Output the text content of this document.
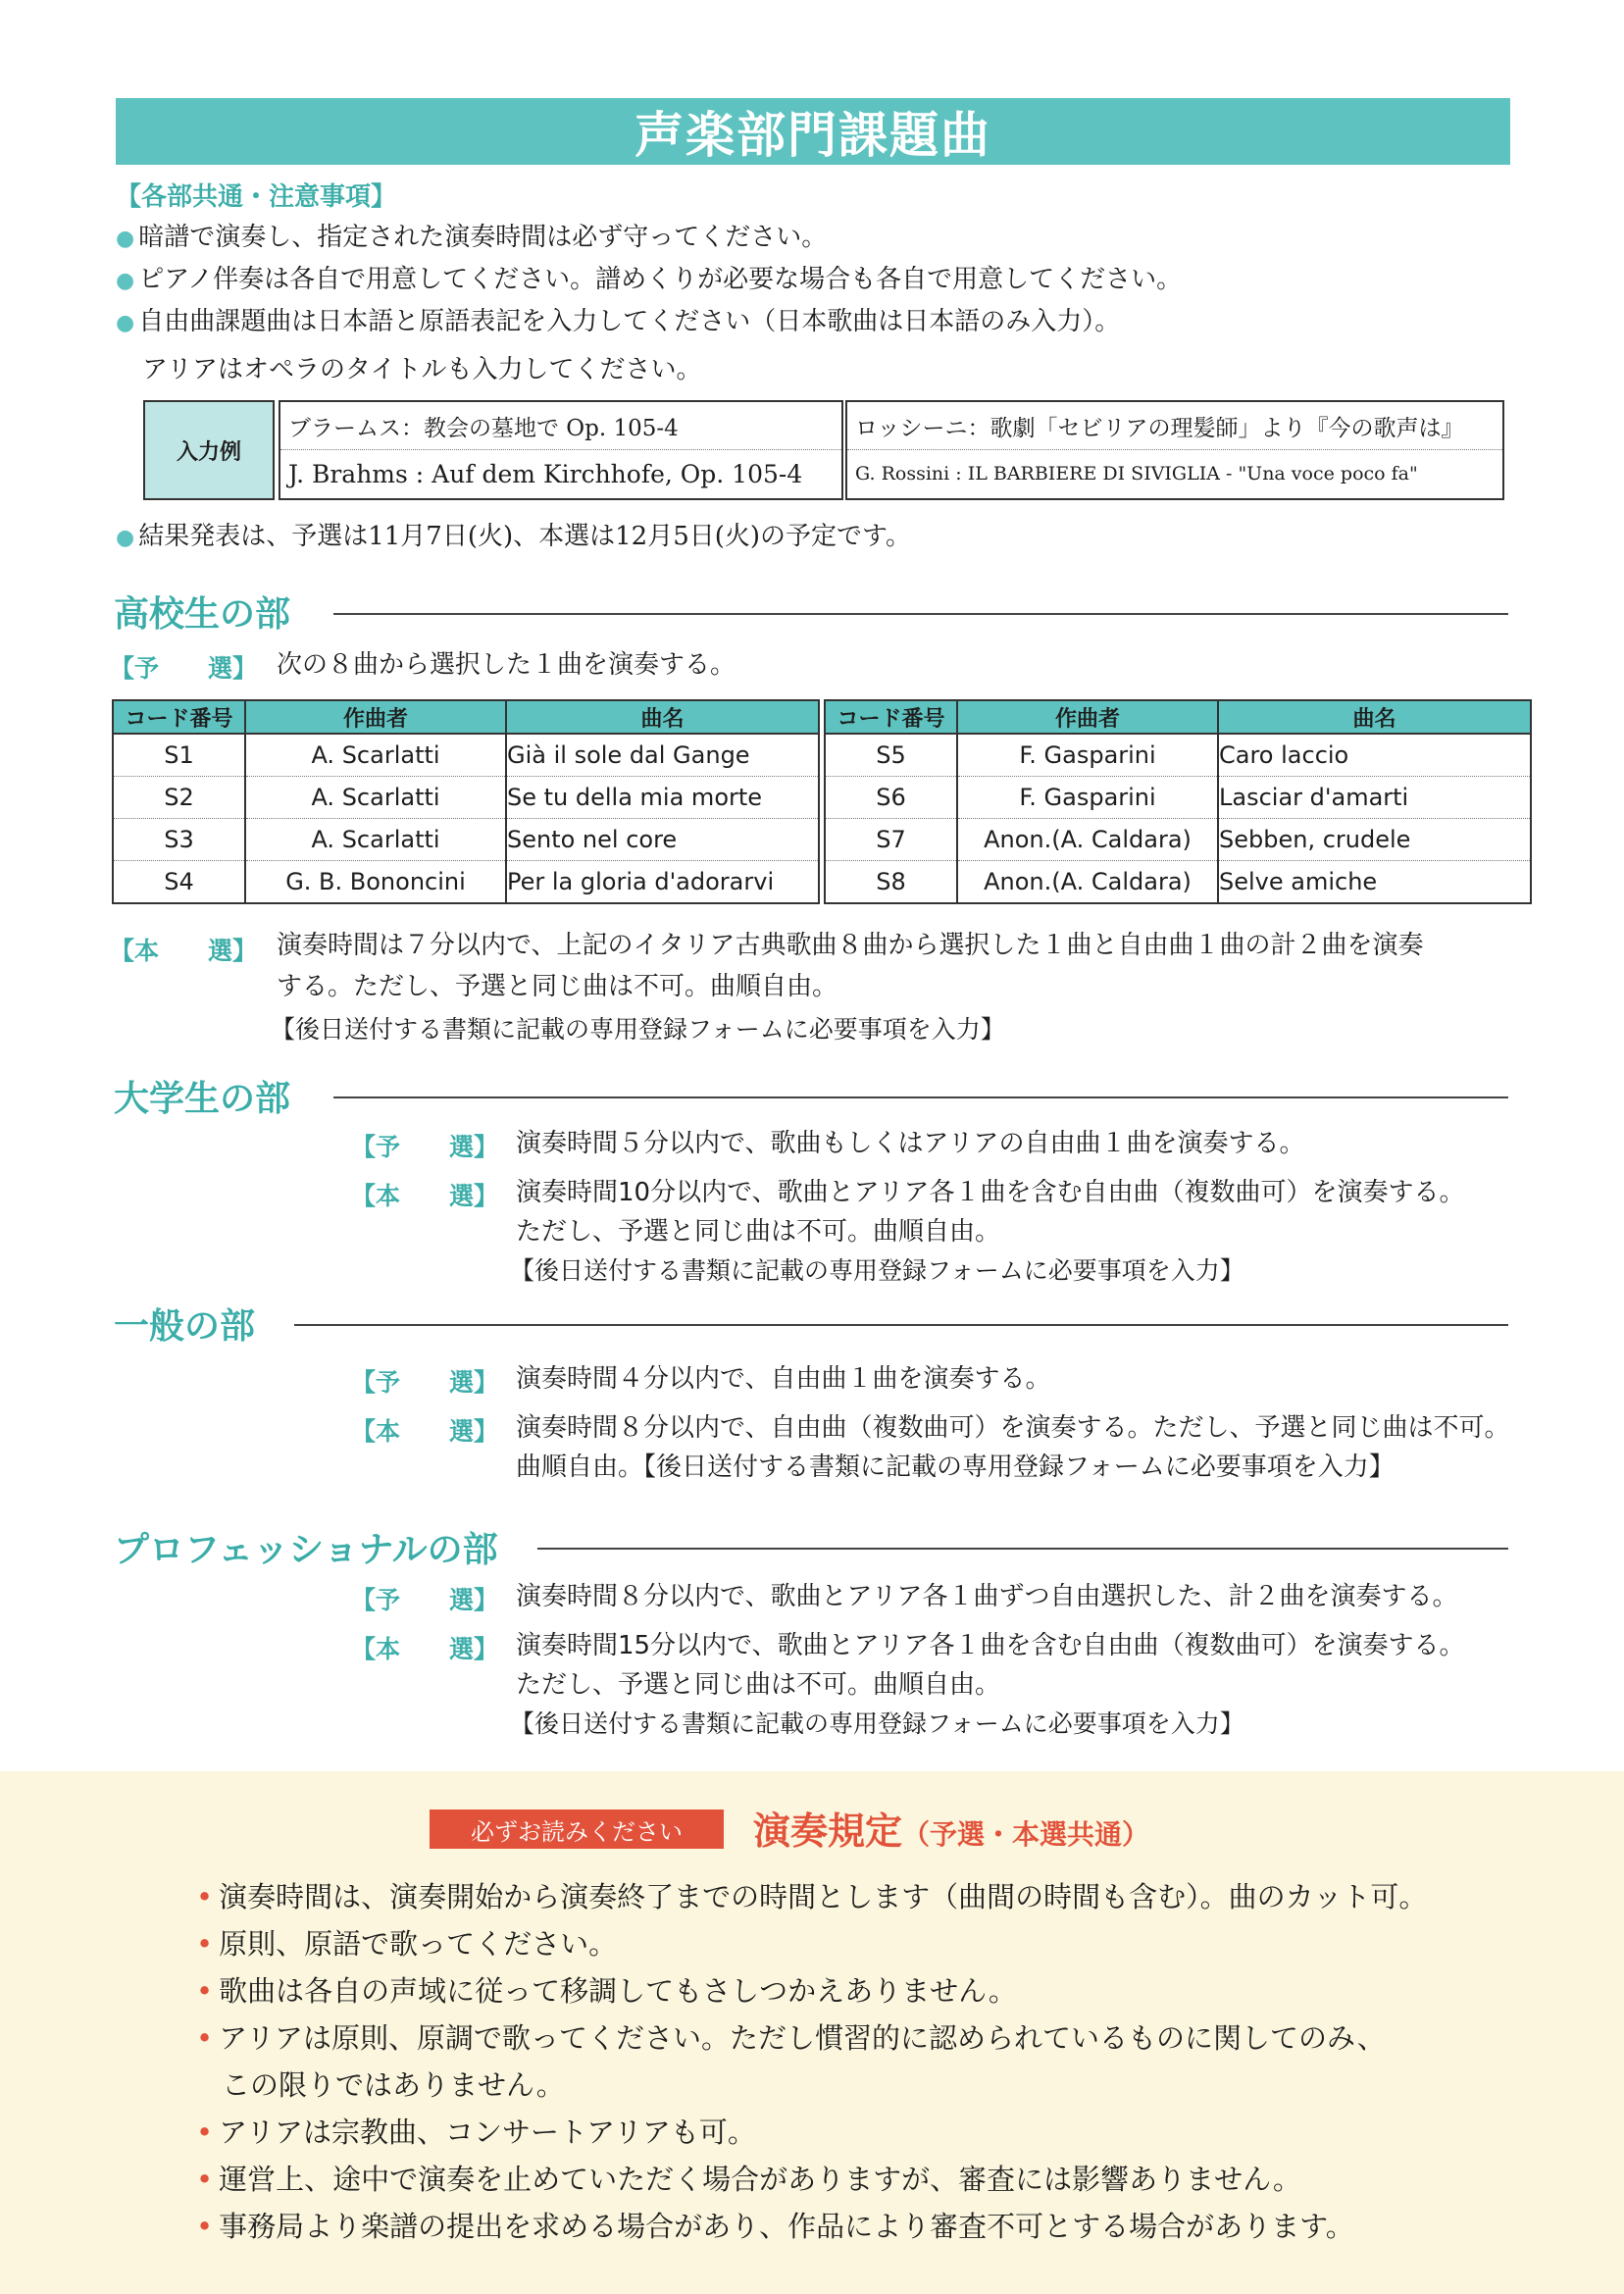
声楽部門課題曲
【各部共通・注意事項】
● 暗譜で演奏し、指定された演奏時間は必ず守ってください。
● ピアノ伴奏は各自で用意してください。譜めくりが必要な場合も各自で用意してください。
● 自由曲課題曲は日本語と原語表記を入力してください（日本歌曲は日本語のみ入力）。
アリアはオペラのタイトルも入力してください。
入力例
ブラームス：教会の墓地で Op. 105-4
J. Brahms : Auf dem Kirchhofe, Op. 105-4
ロッシーニ：歌劇「セビリアの理髪師」より『今の歌声は』
G. Rossini : IL BARBIERE DI SIVIGLIA - "Una voce poco fa"
● 結果発表は、予選は11月7日(火)、本選は12月5日(火)の予定です。
高校生の部
【予　　選】 次の８曲から選択した１曲を演奏する。
コード番号	作曲者	曲名
S1	A. Scarlatti	Già il sole dal Gange
S2	A. Scarlatti	Se tu della mia morte
S3	A. Scarlatti	Sento nel core
S4	G. B. Bononcini	Per la gloria d'adorarvi
コード番号	作曲者	曲名
S5	F. Gasparini	Caro laccio
S6	F. Gasparini	Lasciar d'amarti
S7	Anon.(A. Caldara)	Sebben, crudele
S8	Anon.(A. Caldara)	Selve amiche
【本　　選】 演奏時間は７分以内で、上記のイタリア古典歌曲８曲から選択した１曲と自由曲１曲の計２曲を演奏
する。ただし、予選と同じ曲は不可。曲順自由。
【後日送付する書類に記載の専用登録フォームに必要事項を入力】
大学生の部
【予　　選】 演奏時間５分以内で、歌曲もしくはアリアの自由曲１曲を演奏する。
【本　　選】 演奏時間10分以内で、歌曲とアリア各１曲を含む自由曲（複数曲可）を演奏する。
ただし、予選と同じ曲は不可。曲順自由。
【後日送付する書類に記載の専用登録フォームに必要事項を入力】
一般の部
【予　　選】 演奏時間４分以内で、自由曲１曲を演奏する。
【本　　選】 演奏時間８分以内で、自由曲（複数曲可）を演奏する。ただし、予選と同じ曲は不可。
曲順自由。【後日送付する書類に記載の専用登録フォームに必要事項を入力】
プロフェッショナルの部
【予　　選】 演奏時間８分以内で、歌曲とアリア各１曲ずつ自由選択した、計２曲を演奏する。
【本　　選】 演奏時間15分以内で、歌曲とアリア各１曲を含む自由曲（複数曲可）を演奏する。
ただし、予選と同じ曲は不可。曲順自由。
【後日送付する書類に記載の専用登録フォームに必要事項を入力】
必ずお読みください	演奏規定（予選・本選共通）
• 演奏時間は、演奏開始から演奏終了までの時間とします（曲間の時間も含む）。曲のカット可。
• 原則、原語で歌ってください。
• 歌曲は各自の声域に従って移調してもさしつかえありません。
• アリアは原則、原調で歌ってください。ただし慣習的に認められているものに関してのみ、
この限りではありません。
• アリアは宗教曲、コンサートアリアも可。
• 運営上、途中で演奏を止めていただく場合がありますが、審査には影響ありません。
• 事務局より楽譜の提出を求める場合があり、作品により審査不可とする場合があります。
